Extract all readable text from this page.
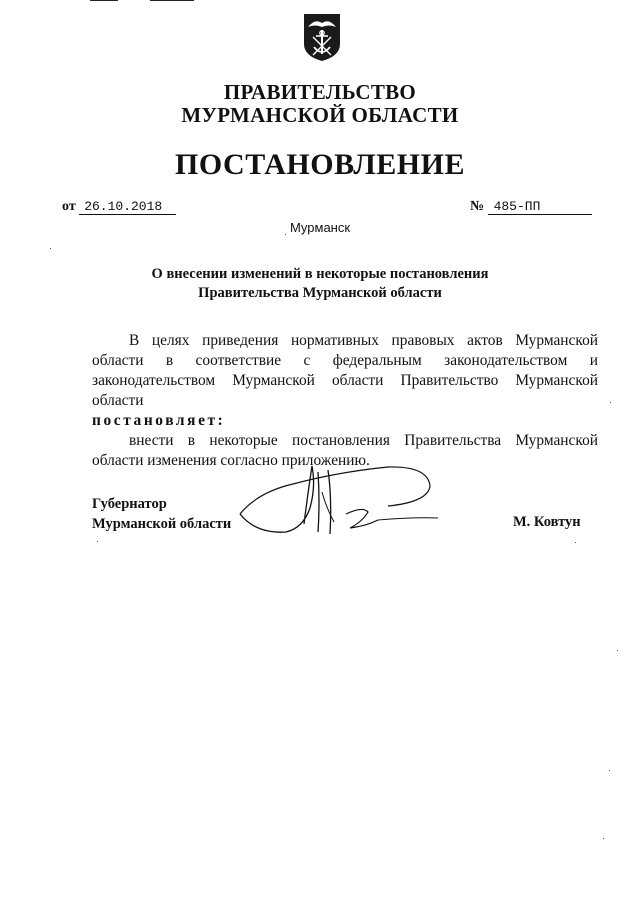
ПРАВИТЕЛЬСТВО
МУРМАНСКОЙ ОБЛАСТИ
ПОСТАНОВЛЕНИЕ
от 26.10.2018	№ 485-ПП
Мурманск
О внесении изменений в некоторые постановления
Правительства Мурманской области

В целях приведения нормативных правовых актов Мурманской области в соответствие с федеральным законодательством и законодательством Мурманской области Правительство Мурманской области

постановляет:

внести в некоторые постановления Правительства Мурманской области изменения согласно приложению.

Губернатор
Мурманской области	М. Ковтун
